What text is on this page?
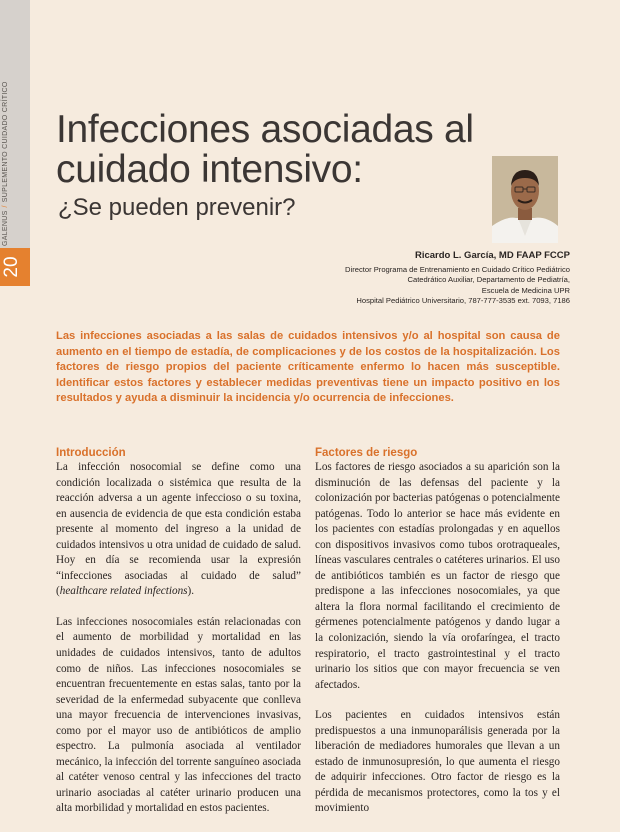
20
GALENUS/SUPLEMENTO CUIDADO CRÍTICO Infecciones asociadas al cuidado intensivo:
¿Se pueden prevenir?
Ricardo L. García, MD FAAP FCCP
Director Programa de Entrenamiento en Cuidado Crítico Pediátrico
Catedrático Auxiliar, Departamento de Pediatría,
Escuela de Medicina UPR
Hospital Pediátrico Universitario, 787-777-3535 ext. 7093, 7186
Las infecciones asociadas a las salas de cuidados intensivos y/o al hospital son causa de aumento en el tiempo de estadía, de complicaciones y de los costos de la hospitalización. Los factores de riesgo propios del paciente críticamente enfermo lo hacen más susceptible. Identificar estos factores y establecer medidas preventivas tiene un impacto positivo en los resultados y ayuda a disminuir la incidencia y/o ocurrencia de infecciones.
Introducción

La infección nosocomial se define como una condición localizada o sistémica que resulta de la reacción adversa a un agente infeccioso o su toxina, en ausencia de evidencia de que esta condición estaba presente al momento del ingreso a la unidad de cuidados intensivos u otra unidad de cuidado de salud. Hoy en día se recomienda usar la expresión “infecciones asociadas al cuidado de salud” (healthcare related infections).

Las infecciones nosocomiales están relacionadas con el aumento de morbilidad y mortalidad en las unidades de cuidados intensivos, tanto de adultos como de niños. Las infecciones nosocomiales se encuentran frecuentemente en estas salas, tanto por la severidad de la enfermedad subyacente que conlleva una mayor frecuencia de intervenciones invasivas, como por el mayor uso de antibióticos de amplio espectro. La pulmonía asociada al ventilador mecánico, la infección del torrente sanguíneo asociada al catéter venoso central y las infecciones del tracto urinario asociadas al catéter urinario producen una alta morbilidad y mortalidad en estos pacientes.

Factores de riesgo

Los factores de riesgo asociados a su aparición son la disminución de las defensas del paciente y la colonización por bacterias patógenas o potencialmente patógenas. Todo lo anterior se hace más evidente en los pacientes con estadías prolongadas y en aquellos con dispositivos invasivos como tubos orotraqueales, líneas vasculares centrales o catéteres urinarios. El uso de antibióticos también es un factor de riesgo que predispone a las infecciones nosocomiales, ya que altera la flora normal facilitando el crecimiento de gérmenes potencialmente patógenos y dando lugar a la colonización, siendo la vía orofaríngea, el tracto respiratorio, el tracto gastrointestinal y el tracto urinario los sitios que con mayor frecuencia se ven afectados.

Los pacientes en cuidados intensivos están predispuestos a una inmunoparálisis generada por la liberación de mediadores humorales que llevan a un estado de inmunosupresión, lo que aumenta el riesgo de adquirir infecciones. Otro factor de riesgo es la pérdida de mecanismos protectores, como la tos y el movimiento
